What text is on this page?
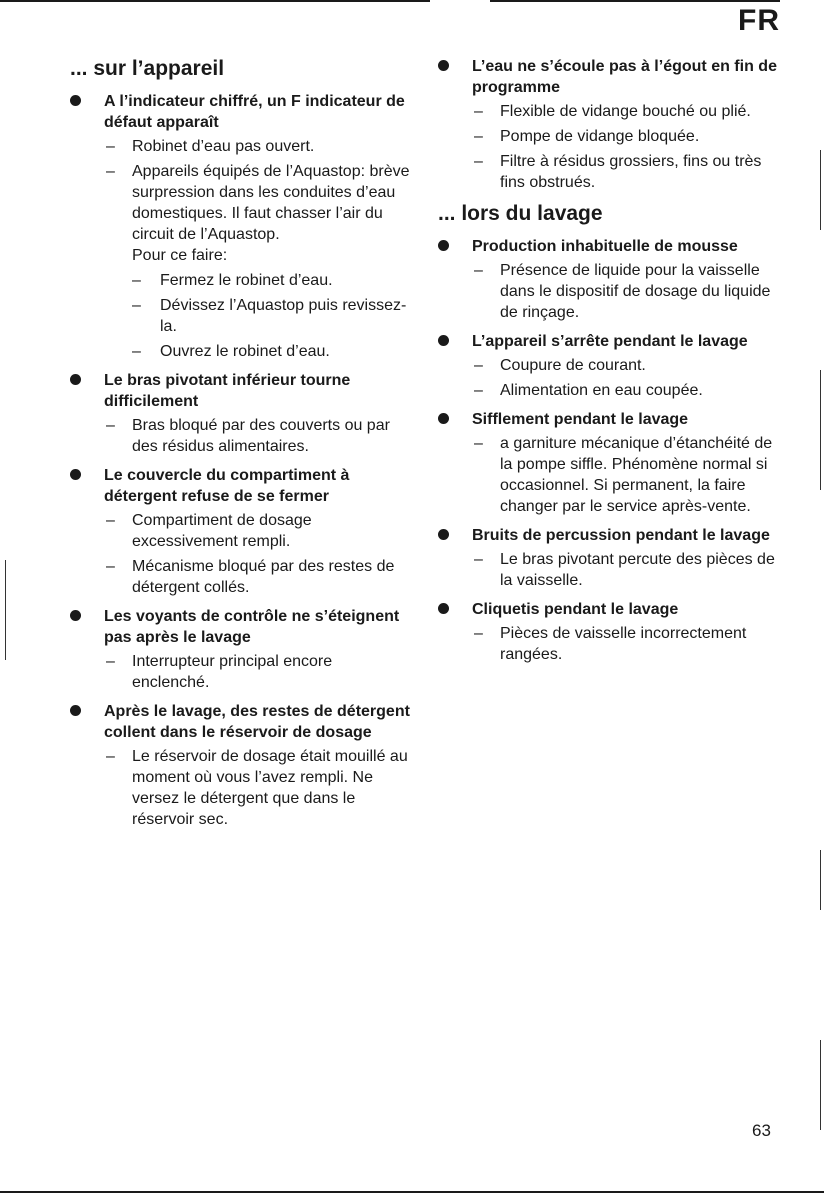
FR
... sur l’appareil
A l’indicateur chiffré, un F indicateur de défaut apparaît
– Robinet d’eau pas ouvert.
– Appareils équipés de l’Aquastop: brève surpression dans les conduites d’eau domestiques. Il faut chasser l’air du circuit de l’Aquastop.
Pour ce faire:
– Fermez le robinet d’eau.
– Dévissez l’Aquastop puis revissez-la.
– Ouvrez le robinet d’eau.
Le bras pivotant inférieur tourne difficilement
– Bras bloqué par des couverts ou par des résidus alimentaires.
Le couvercle du compartiment à détergent refuse de se fermer
– Compartiment de dosage excessivement rempli.
– Mécanisme bloqué par des restes de détergent collés.
Les voyants de contrôle ne s’éteignent pas après le lavage
– Interrupteur principal encore enclenché.
Après le lavage, des restes de détergent collent dans le réservoir de dosage
– Le réservoir de dosage était mouillé au moment où vous l’avez rempli. Ne versez le détergent que dans le réservoir sec.
L’eau ne s’écoule pas à l’égout en fin de programme
– Flexible de vidange bouché ou plié.
– Pompe de vidange bloquée.
– Filtre à résidus grossiers, fins ou très fins obstrués.
... lors du lavage
Production inhabituelle de mousse
– Présence de liquide pour la vaisselle dans le dispositif de dosage du liquide de rinçage.
L’appareil s’arrête pendant le lavage
– Coupure de courant.
– Alimentation en eau coupée.
Sifflement pendant le lavage
– a garniture mécanique d’étanchéité de la pompe siffle. Phénomène normal si occasionnel. Si permanent, la faire changer par le service après-vente.
Bruits de percussion pendant le lavage
– Le bras pivotant percute des pièces de la vaisselle.
Cliquetis pendant le lavage
– Pièces de vaisselle incorrectement rangées.
63
